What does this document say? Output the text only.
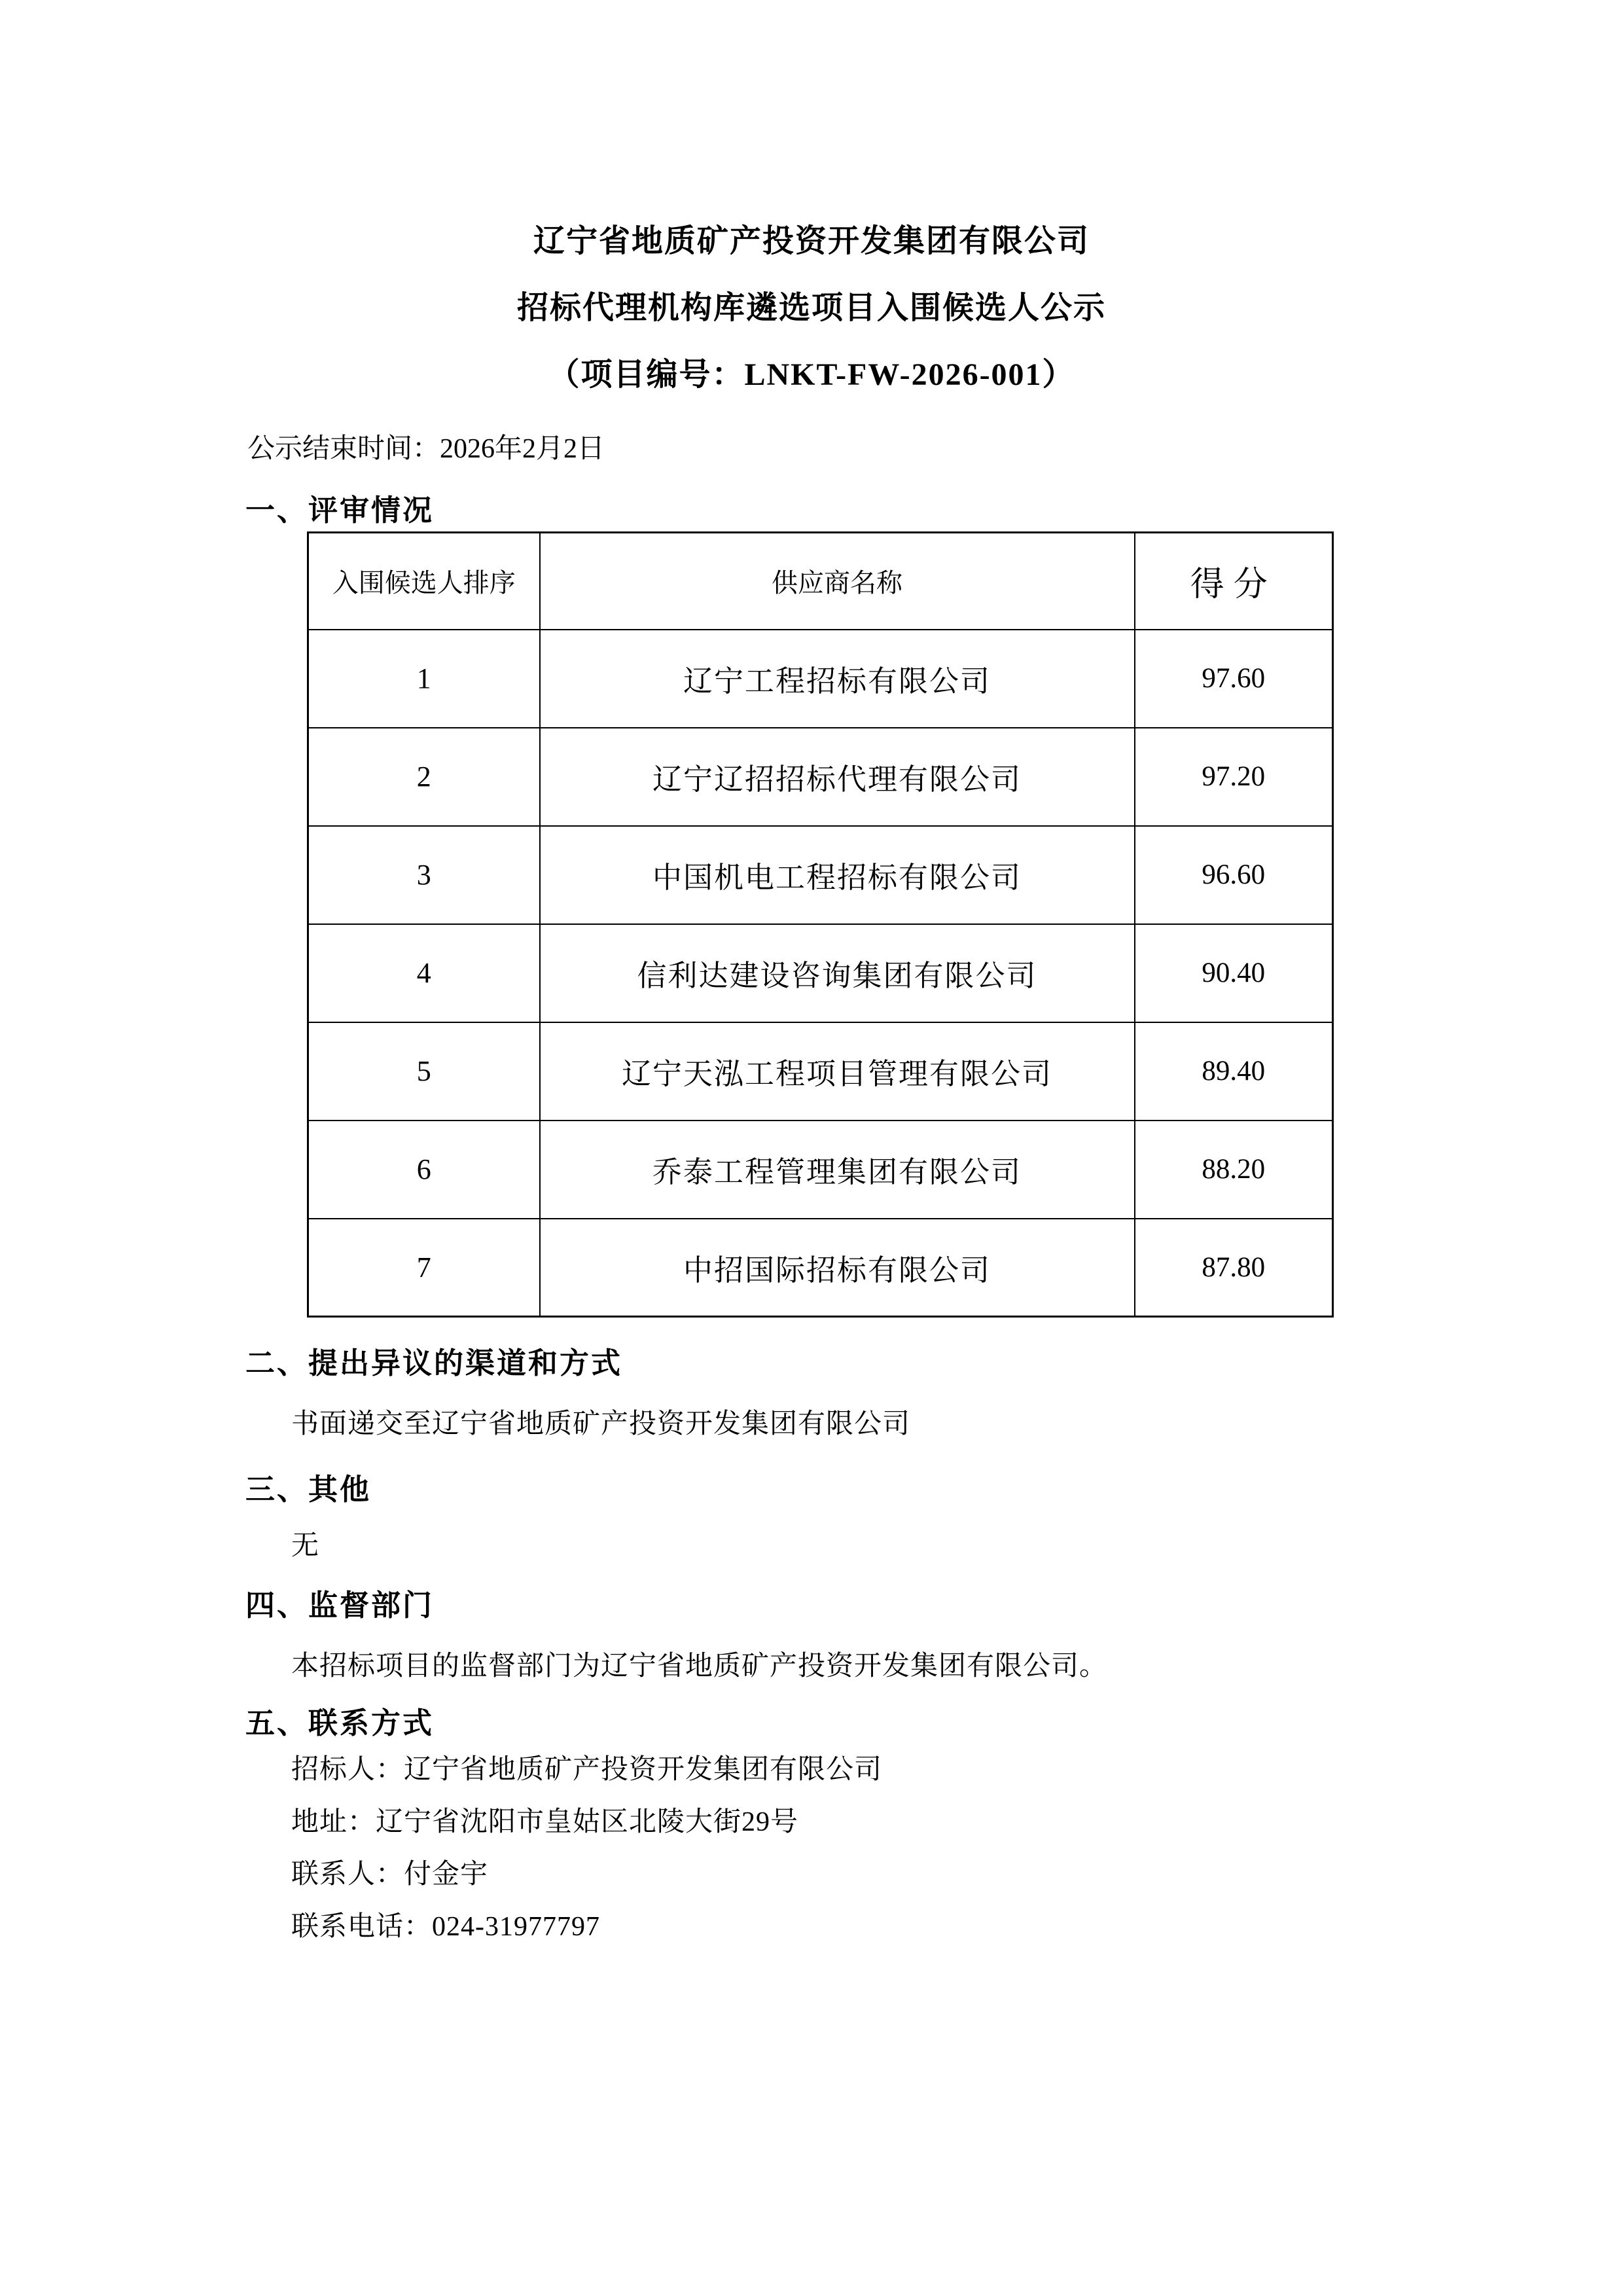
辽宁省地质矿产投资开发集团有限公司
招标代理机构库遴选项目入围候选人公示
（项目编号：LNKT-FW-2026-001）
公示结束时间：2026年2月2日
一、评审情况
入围候选人排序	供应商名称	得分
1	辽宁工程招标有限公司	97.60
2	辽宁辽招招标代理有限公司	97.20
3	中国机电工程招标有限公司	96.60
4	信利达建设咨询集团有限公司	90.40
5	辽宁天泓工程项目管理有限公司	89.40
6	乔泰工程管理集团有限公司	88.20
7	中招国际招标有限公司	87.80
二、提出异议的渠道和方式
书面递交至辽宁省地质矿产投资开发集团有限公司
三、其他
无
四、监督部门
本招标项目的监督部门为辽宁省地质矿产投资开发集团有限公司。
五、联系方式
招标人：辽宁省地质矿产投资开发集团有限公司
地址：辽宁省沈阳市皇姑区北陵大街29号
联系人：付金宇
联系电话：024-31977797
